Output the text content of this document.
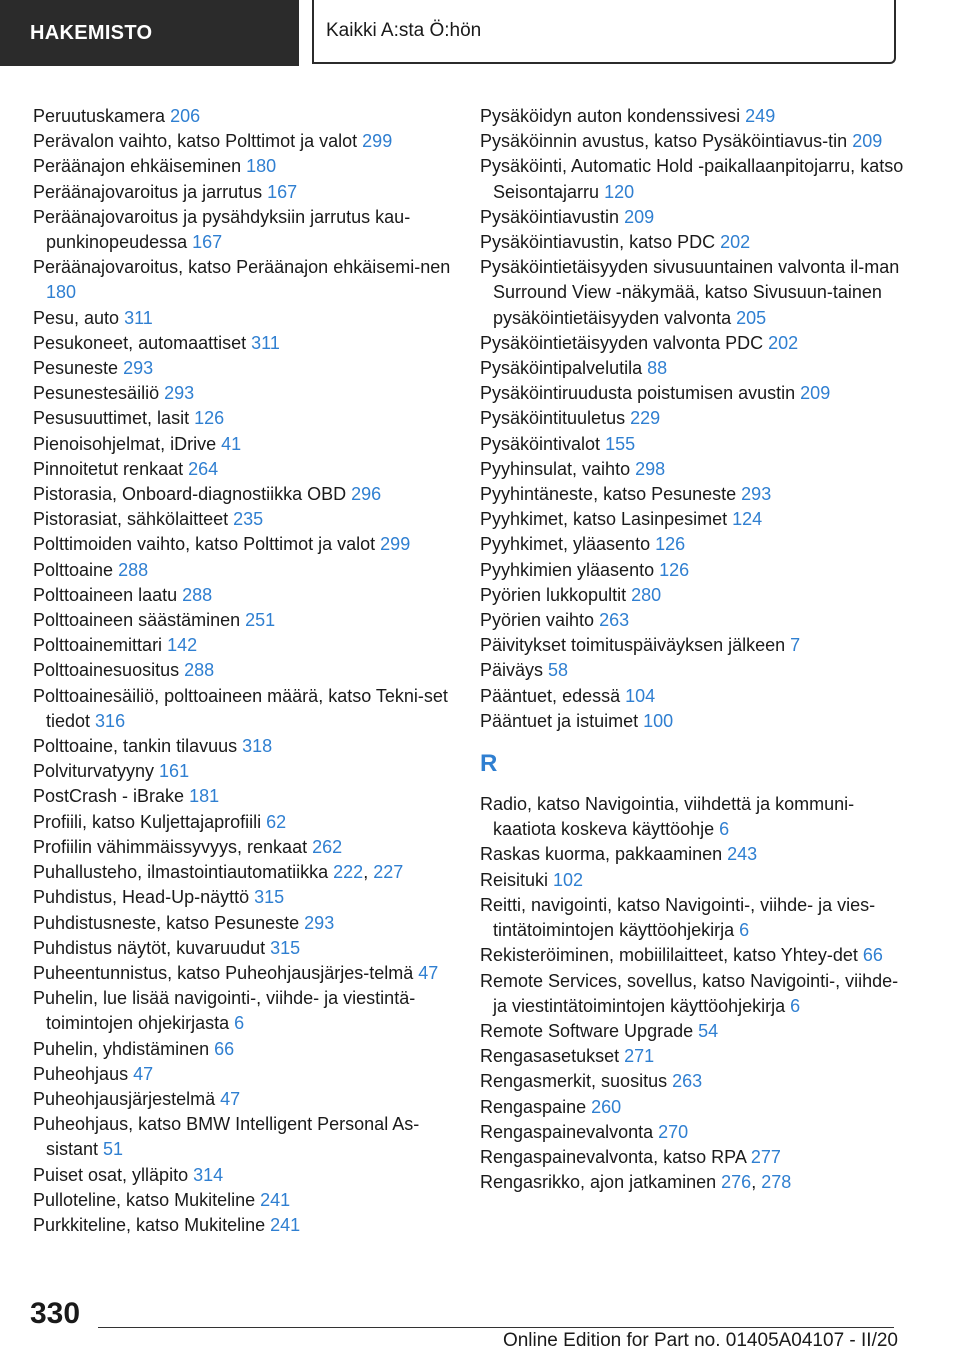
HAKEMISTO	Kaikki A:sta Ö:hön
Peruutuskamera 206
Perävalon vaihto, katso Polttimot ja valot 299
Peräänajon ehkäiseminen 180
Peräänajovaroitus ja jarrutus 167
Peräänajovaroitus ja pysähdyksiin jarrutus kau-punkinopeudessa 167
Peräänajovaroitus, katso Peräänajon ehkäisemi-nen 180
Pesu, auto 311
Pesukoneet, automaattiset 311
Pesuneste 293
Pesunestesäiliö 293
Pesusuuttimet, lasit 126
Pienoisohjelmat, iDrive 41
Pinnoitetut renkaat 264
Pistorasia, Onboard-diagnostiikka OBD 296
Pistorasiat, sähkölaitteet 235
Polttimoiden vaihto, katso Polttimot ja valot 299
Polttoaine 288
Polttoaineen laatu 288
Polttoaineen säästäminen 251
Polttoainemittari 142
Polttoainesuositus 288
Polttoainesäiliö, polttoaineen määrä, katso Tekni-set tiedot 316
Polttoaine, tankin tilavuus 318
Polviturvatyyny 161
PostCrash - iBrake 181
Profiili, katso Kuljettajaprofiili 62
Profiilin vähimmäissyvyys, renkaat 262
Puhallusteho, ilmastointiautomatiikka 222, 227
Puhdistus, Head-Up-näyttö 315
Puhdistusneste, katso Pesuneste 293
Puhdistus näytöt, kuvaruudut 315
Puheentunnistus, katso Puheohjausjärjes-telmä 47
Puhelin, lue lisää navigointi-, viihde- ja viestintä-toimintojen ohjekirjasta 6
Puhelin, yhdistäminen 66
Puheohjaus 47
Puheohjausjärjestelmä 47
Puheohjaus, katso BMW Intelligent Personal As-sistant 51
Puiset osat, ylläpito 314
Pulloteline, katso Mukiteline 241
Purkkiteline, katso Mukiteline 241
Pysäköidyn auton kondenssivesi 249
Pysäköinnin avustus, katso Pysäköintiavus-tin 209
Pysäköinti, Automatic Hold -paikallaanpitojarru, katso Seisontajarru 120
Pysäköintiavustin 209
Pysäköintiavustin, katso PDC 202
Pysäköintietäisyyden sivusuuntainen valvonta il-man Surround View -näkymää, katso Sivusuun-tainen pysäköintietäisyyden valvonta 205
Pysäköintietäisyyden valvonta PDC 202
Pysäköintipalvelutila 88
Pysäköintiruudusta poistumisen avustin 209
Pysäköintituuletus 229
Pysäköintivalot 155
Pyyhinsulat, vaihto 298
Pyyhintäneste, katso Pesuneste 293
Pyyhkimet, katso Lasinpesimet 124
Pyyhkimet, yläasento 126
Pyyhkimien yläasento 126
Pyörien lukkopultit 280
Pyörien vaihto 263
Päivitykset toimituspäiväyksen jälkeen 7
Päiväys 58
Pääntuet, edessä 104
Pääntuet ja istuimet 100
R
Radio, katso Navigointia, viihdettä ja kommuni-kaatiota koskeva käyttöohje 6
Raskas kuorma, pakkaaminen 243
Reisituki 102
Reitti, navigointi, katso Navigointi-, viihde- ja vies-tintätoimintojen käyttöohjekirja 6
Rekisteröiminen, mobiililaitteet, katso Yhtey-det 66
Remote Services, sovellus, katso Navigointi-, viihde- ja viestintätoimintojen käyttöohjekirja 6
Remote Software Upgrade 54
Rengasasetukset 271
Rengasmerkit, suositus 263
Rengaspaine 260
Rengaspainevalvonta 270
Rengaspainevalvonta, katso RPA 277
Rengasrikko, ajon jatkaminen 276, 278
330
Online Edition for Part no. 01405A04107 - II/20
